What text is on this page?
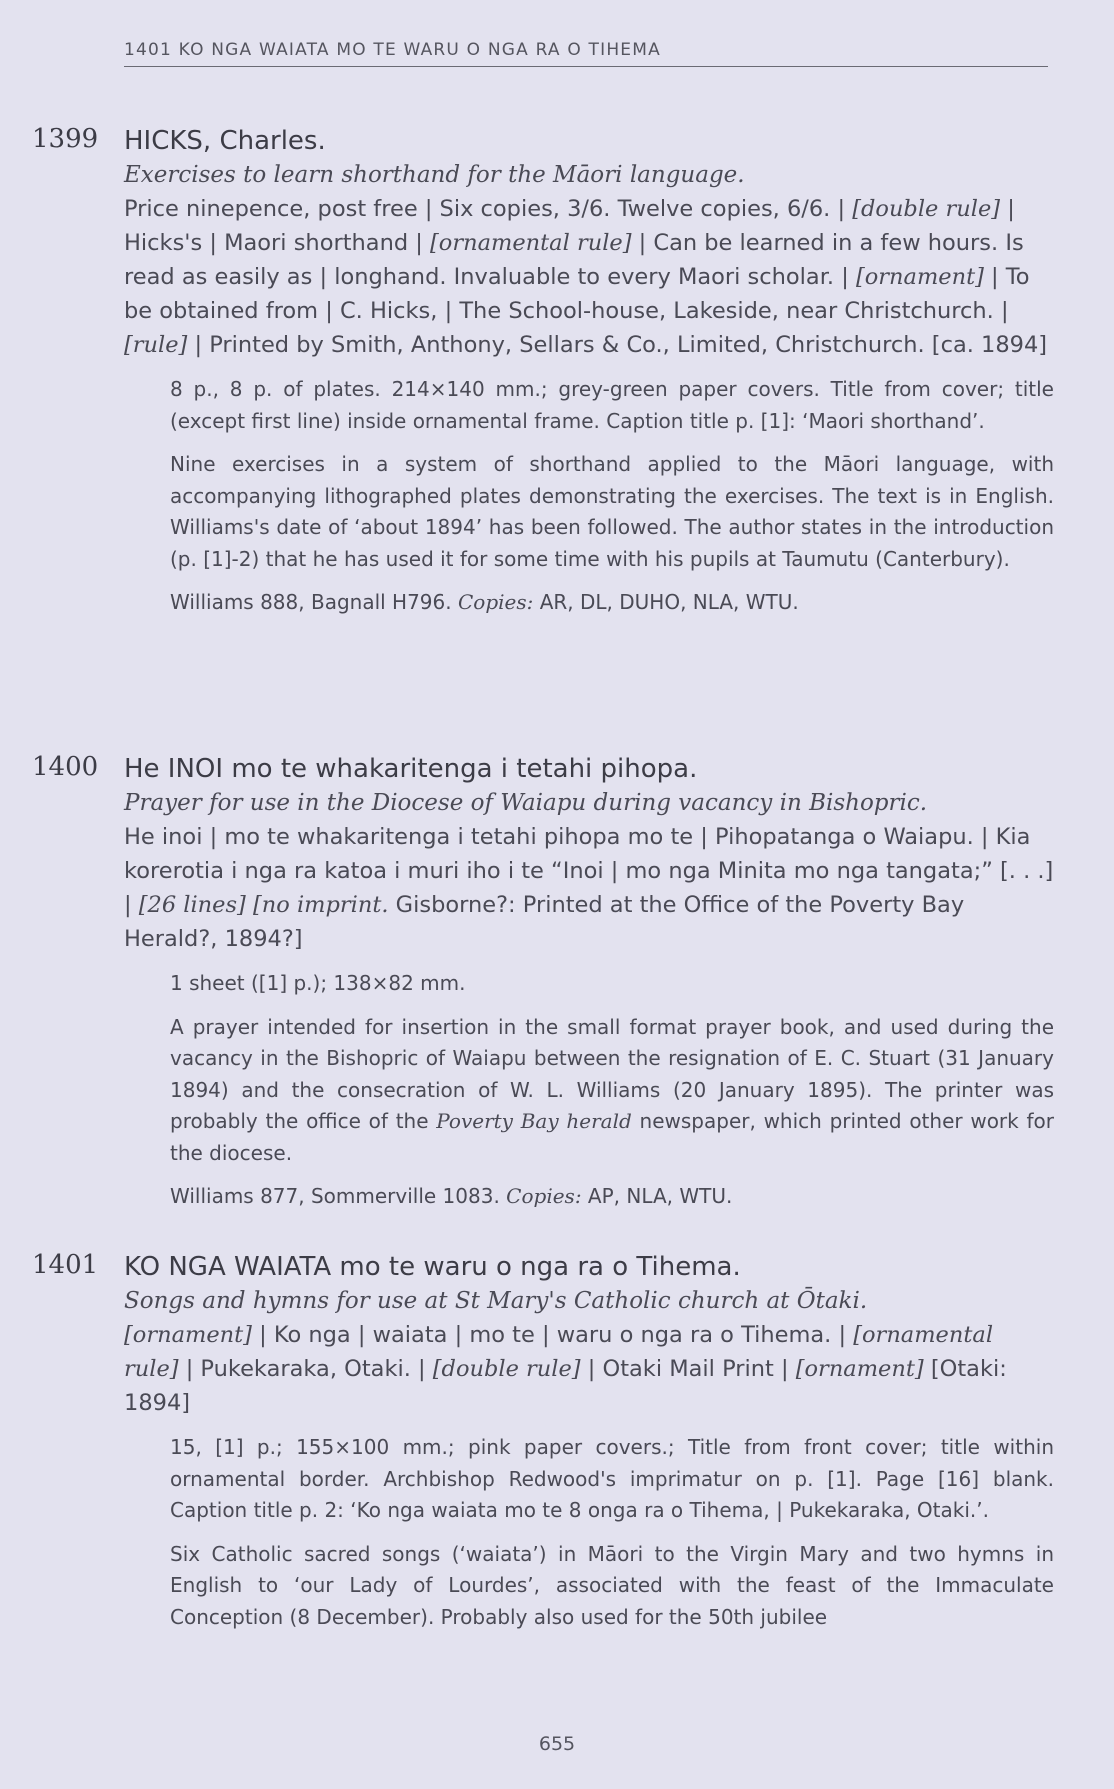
1401 KO NGA WAIATA MO TE WARU O NGA RA O TIHEMA
1399 HICKS, Charles.

Exercises to learn shorthand for the Māori language.

Price ninepence, post free | Six copies, 3/6. Twelve copies, 6/6. | [double rule] | Hicks's | Maori shorthand | [ornamental rule] | Can be learned in a few hours. Is read as easily as | longhand. Invaluable to every Maori scholar. | [ornament] | To be obtained from | C. Hicks, | The School-house, Lakeside, near Christchurch. | [rule] | Printed by Smith, Anthony, Sellars & Co., Limited, Christchurch. [ca. 1894]

8 p., 8 p. of plates. 214×140 mm.; grey-green paper covers. Title from cover; title (except first line) inside ornamental frame. Caption title p. [1]: ‘Maori shorthand’.

Nine exercises in a system of shorthand applied to the Māori language, with accompanying lithographed plates demonstrating the exercises. The text is in English. Williams's date of ‘about 1894’ has been followed. The author states in the introduction (p. [1]-2) that he has used it for some time with his pupils at Taumutu (Canterbury).

Williams 888, Bagnall H796. Copies: AR, DL, DUHO, NLA, WTU.

1400 He INOI mo te whakaritenga i tetahi pihopa.

Prayer for use in the Diocese of Waiapu during vacancy in Bishopric.

He inoi | mo te whakaritenga i tetahi pihopa mo te | Pihopatanga o Waiapu. | Kia korerotia i nga ra katoa i muri iho i te “Inoi | mo nga Minita mo nga tangata;” [. . .] | [26 lines] [no imprint. Gisborne?: Printed at the Office of the Poverty Bay Herald?, 1894?]

1 sheet ([1] p.); 138×82 mm.

A prayer intended for insertion in the small format prayer book, and used during the vacancy in the Bishopric of Waiapu between the resignation of E. C. Stuart (31 January 1894) and the consecration of W. L. Williams (20 January 1895). The printer was probably the office of the Poverty Bay herald newspaper, which printed other work for the diocese.

Williams 877, Sommerville 1083. Copies: AP, NLA, WTU.

1401 KO NGA WAIATA mo te waru o nga ra o Tihema.

Songs and hymns for use at St Mary's Catholic church at Ōtaki.

[ornament] | Ko nga | waiata | mo te | waru o nga ra o Tihema. | [ornamental rule] | Pukekaraka, Otaki. | [double rule] | Otaki Mail Print | [ornament] [Otaki: 1894]

15, [1] p.; 155×100 mm.; pink paper covers.; Title from front cover; title within ornamental border. Archbishop Redwood's imprimatur on p. [1]. Page [16] blank. Caption title p. 2: ‘Ko nga waiata mo te 8 onga ra o Tihema, | Pukekaraka, Otaki.’.

Six Catholic sacred songs (‘waiata’) in Māori to the Virgin Mary and two hymns in English to ‘our Lady of Lourdes’, associated with the feast of the Immaculate Conception (8 December). Probably also used for the 50th jubilee

655
